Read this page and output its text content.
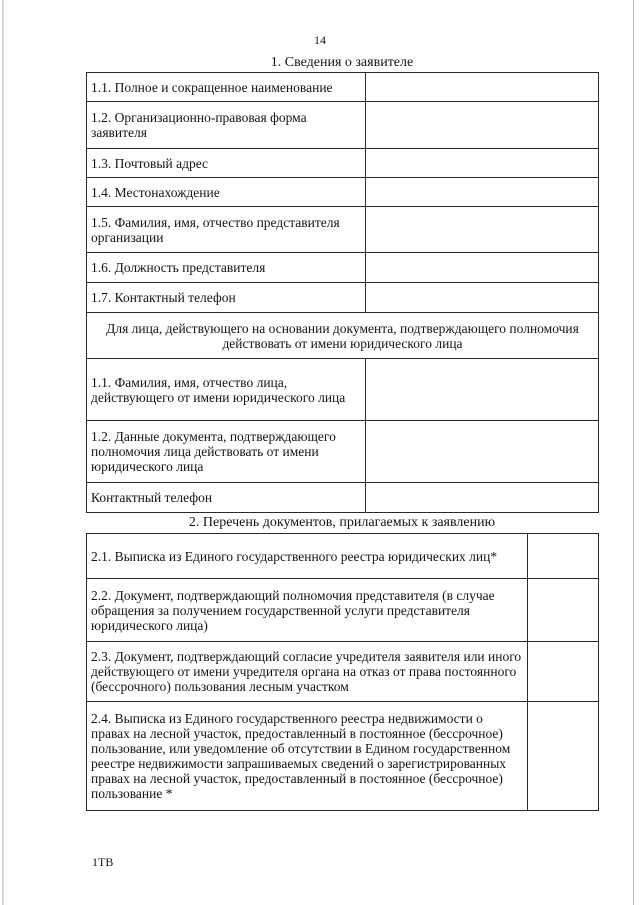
14
1. Сведения о заявителе
1.1. Полное и сокращенное наименование	
1.2. Организационно-правовая форма заявителя	
1.3. Почтовый адрес	
1.4. Местонахождение	
1.5. Фамилия, имя, отчество представителя организации	
1.6. Должность представителя	
1.7. Контактный телефон	
Для лица, действующего на основании документа, подтверждающего полномочия действовать от имени юридического лица	
1.1. Фамилия, имя, отчество лица, действующего от имени юридического лица	
1.2. Данные документа, подтверждающего полномочия лица действовать от имени юридического лица	
Контактный телефон	
2. Перечень документов, прилагаемых к заявлению
2.1. Выписка из Единого государственного реестра юридических лиц*	
2.2. Документ, подтверждающий полномочия представителя (в случае обращения за получением государственной услуги представителя юридического лица)	
2.3. Документ, подтверждающий согласие учредителя заявителя или иного действующего от имени учредителя органа на отказ от права постоянного (бессрочного) пользования лесным участком	
2.4. Выписка из Единого государственного реестра недвижимости о правах на лесной участок, предоставленный в постоянное (бессрочное) пользование, или уведомление об отсутствии в Едином государственном реестре недвижимости запрашиваемых сведений о зарегистрированных правах на лесной участок, предоставленный в постоянное (бессрочное) пользование *	
1ТВ
